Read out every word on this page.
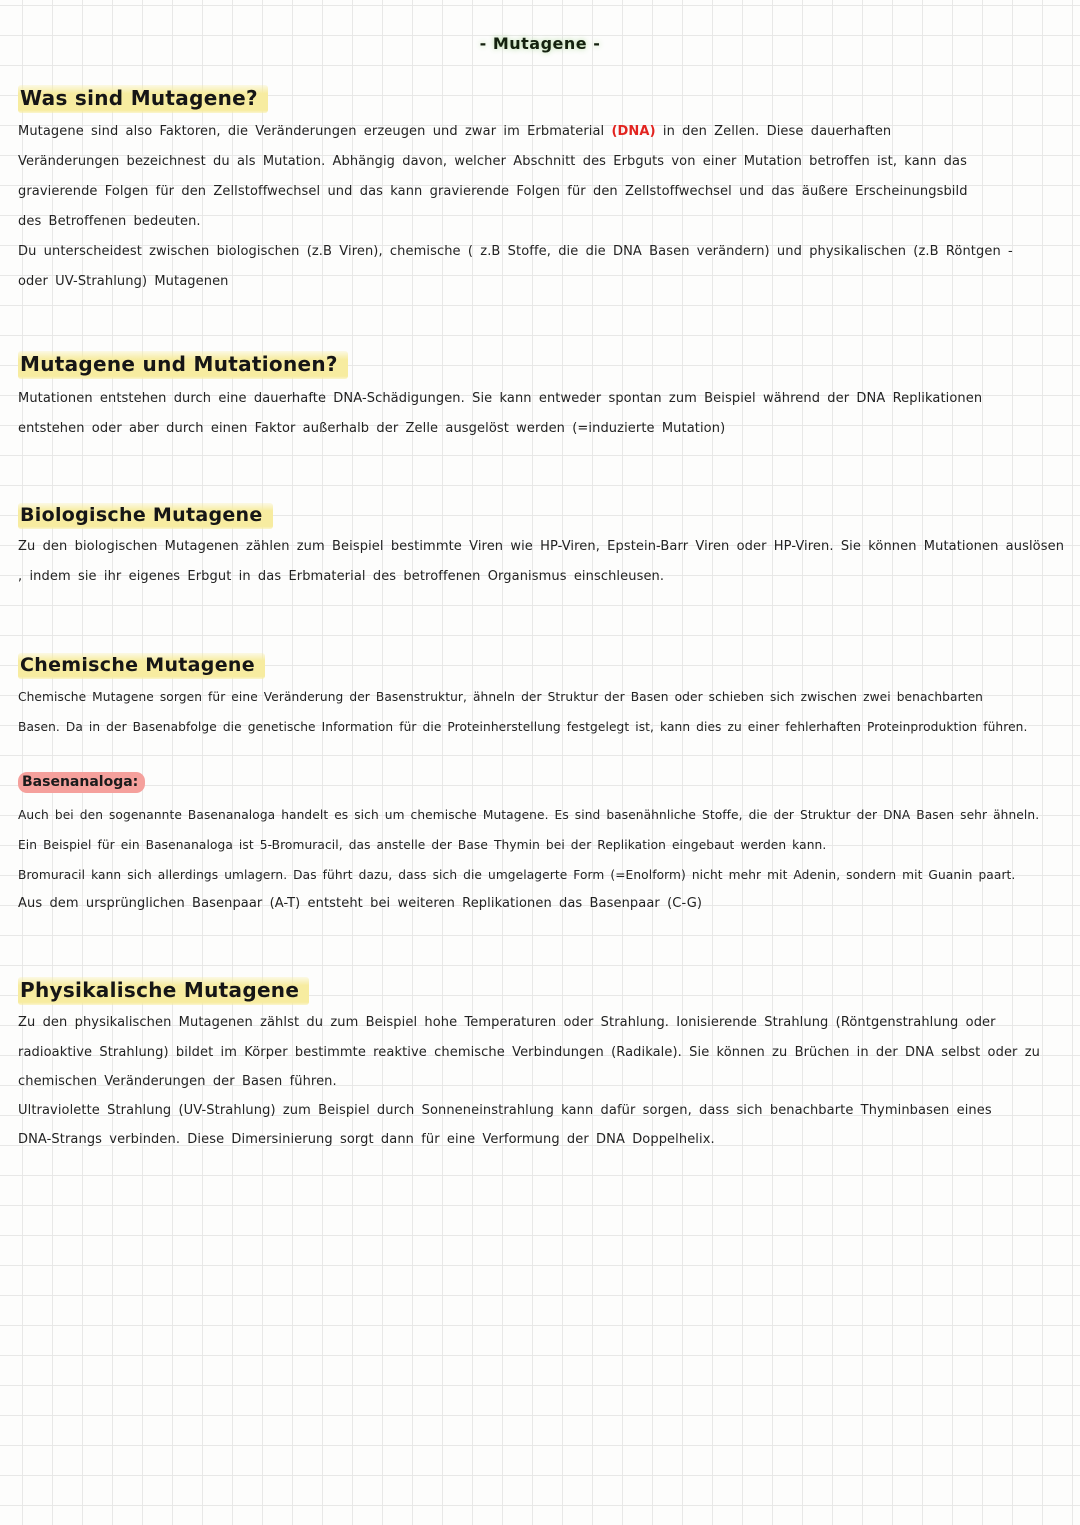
- Mutagene -
Was sind Mutagene?
Mutagene sind also Faktoren, die Veränderungen erzeugen und zwar im Erbmaterial (DNA) in den Zellen. Diese dauerhaften
Veränderungen bezeichnest du als Mutation. Abhängig davon, welcher Abschnitt des Erbguts von einer Mutation betroffen ist, kann das
gravierende Folgen für den Zellstoffwechsel und das kann gravierende Folgen für den Zellstoffwechsel und das äußere Erscheinungsbild
des Betroffenen bedeuten.
Du unterscheidest zwischen biologischen (z.B Viren), chemische ( z.B Stoffe, die die DNA Basen verändern) und physikalischen (z.B Röntgen -
oder UV-Strahlung) Mutagenen
Mutagene und Mutationen?
Mutationen entstehen durch eine dauerhafte DNA-Schädigungen. Sie kann entweder spontan zum Beispiel während der DNA Replikationen
entstehen oder aber durch einen Faktor außerhalb der Zelle ausgelöst werden (=induzierte Mutation)
Biologische Mutagene
Zu den biologischen Mutagenen zählen zum Beispiel bestimmte Viren wie HP-Viren, Epstein-Barr Viren oder HP-Viren. Sie können Mutationen auslösen
, indem sie ihr eigenes Erbgut in das Erbmaterial des betroffenen Organismus einschleusen.
Chemische Mutagene
Chemische Mutagene sorgen für eine Veränderung der Basenstruktur, ähneln der Struktur der Basen oder schieben sich zwischen zwei benachbarten
Basen. Da in der Basenabfolge die genetische Information für die Proteinherstellung festgelegt ist, kann dies zu einer fehlerhaften Proteinproduktion führen.
Basenanaloga:
Auch bei den sogenannte Basenanaloga handelt es sich um chemische Mutagene. Es sind basenähnliche Stoffe, die der Struktur der DNA Basen sehr ähneln.
Ein Beispiel für ein Basenanaloga ist 5-Bromuracil, das anstelle der Base Thymin bei der Replikation eingebaut werden kann.
Bromuracil kann sich allerdings umlagern. Das führt dazu, dass sich die umgelagerte Form (=Enolform) nicht mehr mit Adenin, sondern mit Guanin paart.
Aus dem ursprünglichen Basenpaar (A-T) entsteht bei weiteren Replikationen das Basenpaar (C-G)
Physikalische Mutagene
Zu den physikalischen Mutagenen zählst du zum Beispiel hohe Temperaturen oder Strahlung. Ionisierende Strahlung (Röntgenstrahlung oder
radioaktive Strahlung) bildet im Körper bestimmte reaktive chemische Verbindungen (Radikale). Sie können zu Brüchen in der DNA selbst oder zu
chemischen Veränderungen der Basen führen.
Ultraviolette Strahlung (UV-Strahlung) zum Beispiel durch Sonneneinstrahlung kann dafür sorgen, dass sich benachbarte Thyminbasen eines
DNA-Strangs verbinden. Diese Dimersinierung sorgt dann für eine Verformung der DNA Doppelhelix.
